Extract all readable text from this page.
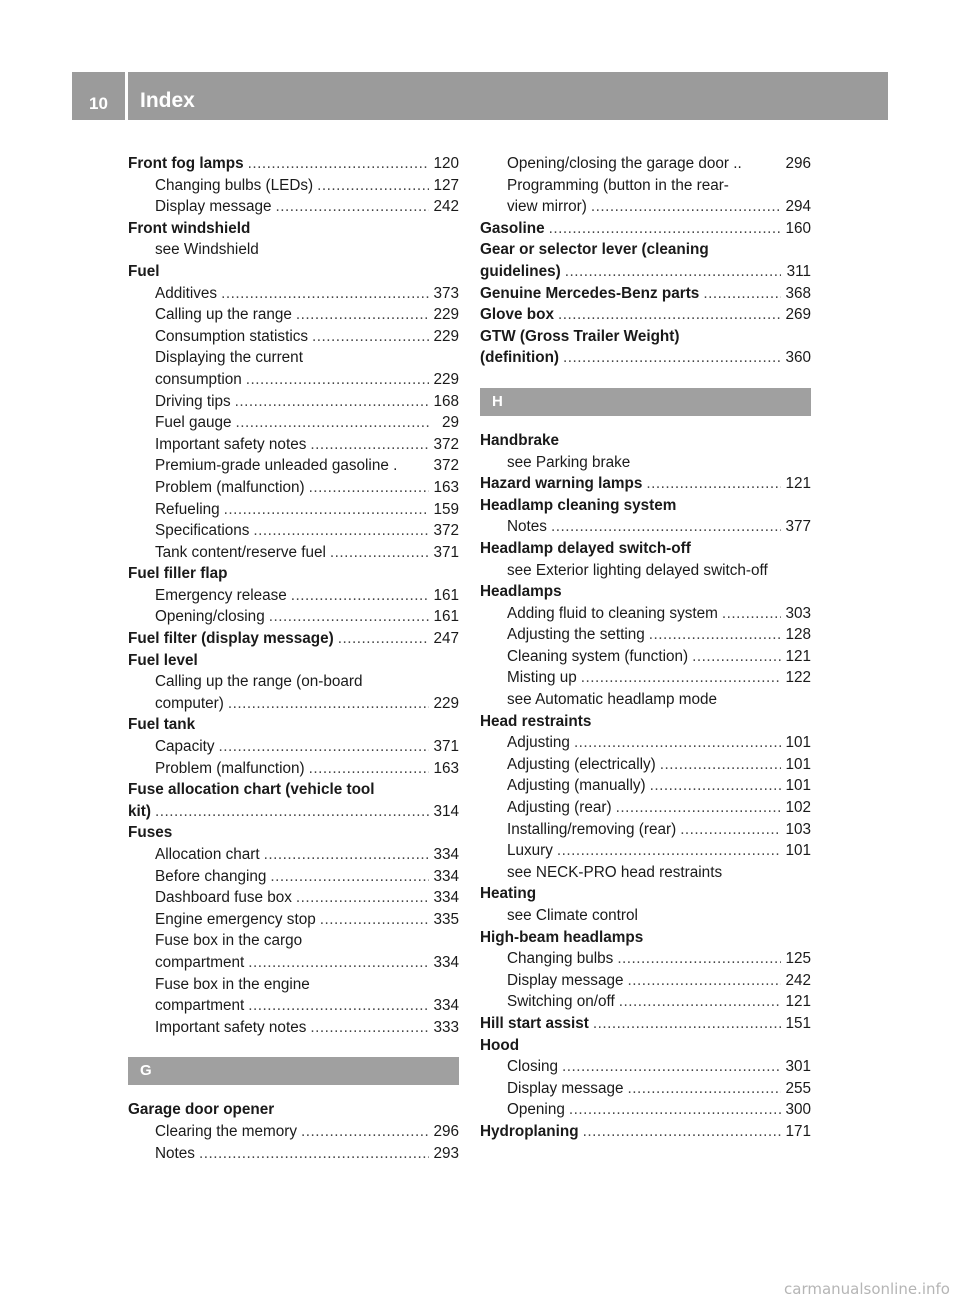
10	Index
Front fog lamps .....	120
Changing bulbs (LEDs) .....	127
Display message .....	242
Front windshield
see Windshield
Fuel
Additives .....	373
Calling up the range .....	229
Consumption statistics .....	229
Displaying the current
consumption .....	229
Driving tips .....	168
Fuel gauge .....	29
Important safety notes .....	372
Premium-grade unleaded gasoline . 372
Problem (malfunction) .....	163
Refueling .....	159
Specifications .....	372
Tank content/reserve fuel .....	371
Fuel filler flap
Emergency release .....	161
Opening/closing .....	161
Fuel filter (display message) .....	247
Fuel level
Calling up the range (on-board
computer) .....	229
Fuel tank
Capacity .....	371
Problem (malfunction) .....	163
Fuse allocation chart (vehicle tool
kit) .....	314
Fuses
Allocation chart .....	334
Before changing .....	334
Dashboard fuse box .....	334
Engine emergency stop .....	335
Fuse box in the cargo
compartment .....	334
Fuse box in the engine
compartment .....	334
Important safety notes .....	333
G
Garage door opener
Clearing the memory .....	296
Notes .....	293
Opening/closing the garage door ..	296
Programming (button in the rear-
view mirror) .....	294
Gasoline .....	160
Gear or selector lever (cleaning
guidelines) .....	311
Genuine Mercedes-Benz parts .....	368
Glove box .....	269
GTW (Gross Trailer Weight)
(definition) .....	360
H
Handbrake
see Parking brake
Hazard warning lamps .....	121
Headlamp cleaning system
Notes .....	377
Headlamp delayed switch-off
see Exterior lighting delayed switch-off
Headlamps
Adding fluid to cleaning system .....	303
Adjusting the setting .....	128
Cleaning system (function) .....	121
Misting up .....	122
see Automatic headlamp mode
Head restraints
Adjusting .....	101
Adjusting (electrically) .....	101
Adjusting (manually) .....	101
Adjusting (rear) .....	102
Installing/removing (rear) .....	103
Luxury .....	101
see NECK-PRO head restraints
Heating
see Climate control
High-beam headlamps
Changing bulbs .....	125
Display message .....	242
Switching on/off .....	121
Hill start assist .....	151
Hood
Closing .....	301
Display message .....	255
Opening .....	300
Hydroplaning .....	171
carmanualsonline.info
